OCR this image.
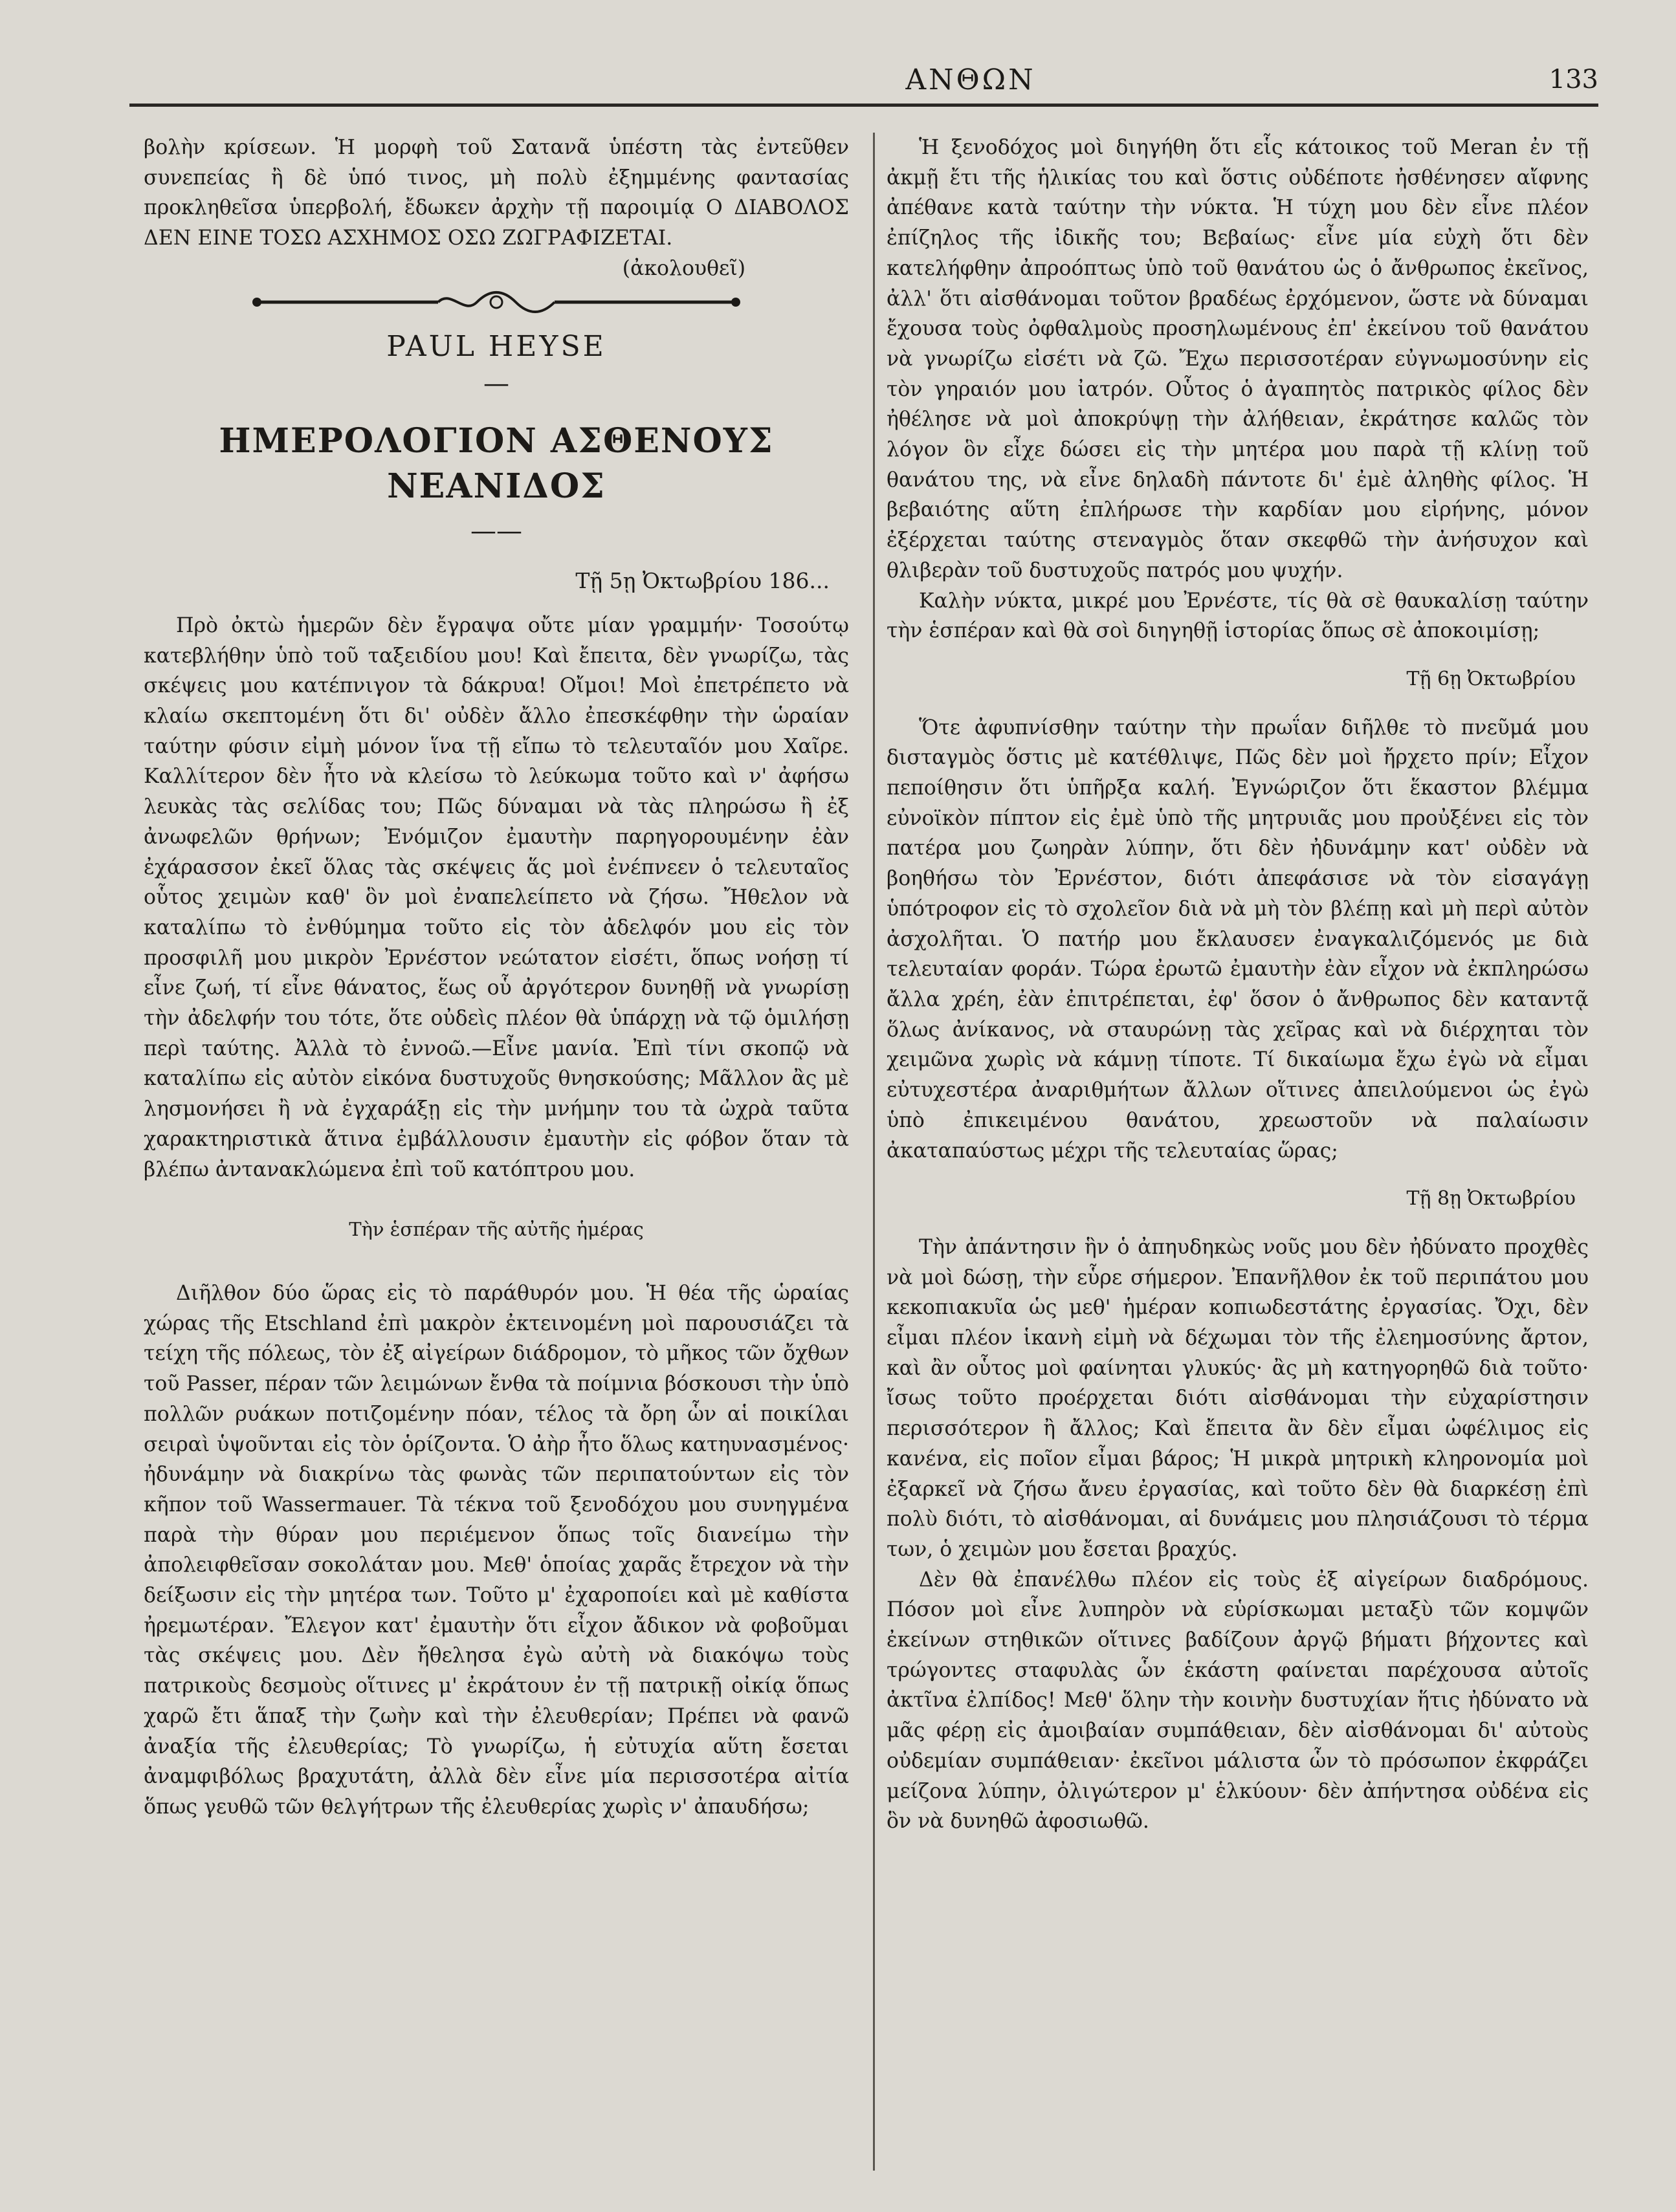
ΑΝΘΩΝ	133

βολὴν κρίσεων. Ἡ μορφὴ τοῦ Σατανᾶ ὑπέστη τὰς ἐντεῦθεν συνεπείας ἢ δὲ ὑπό τινος, μὴ πολὺ ἐξημμένης φαντασίας προκληθεῖσα ὑπερβολή, ἔδωκεν ἀρχὴν τῇ παροιμίᾳ Ο ΔΙΑΒΟΛΟΣ ΔΕΝ ΕΙΝΕ ΤΟΣΩ ΑΣΧΗΜΟΣ ΟΣΩ ΖΩΓΡΑΦΙΖΕΤΑΙ.

(ἀκολουθεῖ)

PAUL HEYSE
—
ΗΜΕΡΟΛΟΓΙΟΝ ΑΣΘΕΝΟΥΣ ΝΕΑΝΙΔΟΣ
——
Τῇ 5ῃ Ὀκτωβρίου 186...

Πρὸ ὀκτὼ ἡμερῶν δὲν ἔγραψα οὔτε μίαν γραμμήν· Τοσούτῳ κατεβλήθην ὑπὸ τοῦ ταξειδίου μου! Καὶ ἔπειτα, δὲν γνωρίζω, τὰς σκέψεις μου κατέπνιγον τὰ δάκρυα! Οἴμοι! Μοὶ ἐπετρέπετο νὰ κλαίω σκεπτομένη ὅτι δι' οὐδὲν ἄλλο ἐπεσκέφθην τὴν ὡραίαν ταύτην φύσιν εἰμὴ μόνον ἵνα τῇ εἴπω τὸ τελευταῖόν μου Χαῖρε. Καλλίτερον δὲν ἦτο νὰ κλείσω τὸ λεύκωμα τοῦτο καὶ ν' ἀφήσω λευκὰς τὰς σελίδας του; Πῶς δύναμαι νὰ τὰς πληρώσω ἢ ἐξ ἀνωφελῶν θρήνων; Ἐνόμιζον ἐμαυτὴν παρηγορουμένην ἐὰν ἐχάρασσον ἐκεῖ ὅλας τὰς σκέψεις ἅς μοὶ ἐνέπνεεν ὁ τελευταῖος οὗτος χειμὼν καθ' ὃν μοὶ ἐναπελείπετο νὰ ζήσω. Ἤθελον νὰ καταλίπω τὸ ἐνθύμημα τοῦτο εἰς τὸν ἀδελφόν μου εἰς τὸν προσφιλῆ μου μικρὸν Ἐρνέστον νεώτατον εἰσέτι, ὅπως νοήσῃ τί εἶνε ζωή, τί εἶνε θάνατος, ἕως οὗ ἀργότερον δυνηθῇ νὰ γνωρίσῃ τὴν ἀδελφήν του τότε, ὅτε οὐδεὶς πλέον θὰ ὑπάρχῃ νὰ τῷ ὁμιλήσῃ περὶ ταύτης. Ἀλλὰ τὸ ἐννοῶ.—Εἶνε μανία. Ἐπὶ τίνι σκοπῷ νὰ καταλίπω εἰς αὐτὸν εἰκόνα δυστυχοῦς θνησκούσης; Μᾶλλον ἂς μὲ λησμονήσει ἢ νὰ ἐγχαράξῃ εἰς τὴν μνήμην του τὰ ὠχρὰ ταῦτα χαρακτηριστικὰ ἅτινα ἐμβάλλουσιν ἐμαυτὴν εἰς φόβον ὅταν τὰ βλέπω ἀντανακλώμενα ἐπὶ τοῦ κατόπτρου μου.

Τὴν ἑσπέραν τῆς αὐτῆς ἡμέρας

Διῆλθον δύο ὥρας εἰς τὸ παράθυρόν μου. Ἡ θέα τῆς ὡραίας χώρας τῆς Etschland ἐπὶ μακρὸν ἐκτεινομένη μοὶ παρουσιάζει τὰ τείχη τῆς πόλεως, τὸν ἐξ αἰγείρων διάδρομον, τὸ μῆκος τῶν ὄχθων τοῦ Passer, πέραν τῶν λειμώνων ἔνθα τὰ ποίμνια βόσκουσι τὴν ὑπὸ πολλῶν ρυάκων ποτιζομένην πόαν, τέλος τὰ ὄρη ὧν αἱ ποικίλαι σειραὶ ὑψοῦνται εἰς τὸν ὁρίζοντα. Ὁ ἀὴρ ἦτο ὅλως κατηυνασμένος· ἠδυνάμην νὰ διακρίνω τὰς φωνὰς τῶν περιπατούντων εἰς τὸν κῆπον τοῦ Wassermauer. Τὰ τέκνα τοῦ ξενοδόχου μου συνηγμένα παρὰ τὴν θύραν μου περιέμενον ὅπως τοῖς διανείμω τὴν ἀπολειφθεῖσαν σοκολάταν μου. Μεθ' ὁποίας χαρᾶς ἔτρεχον νὰ τὴν δείξωσιν εἰς τὴν μητέρα των. Τοῦτο μ' ἐχαροποίει καὶ μὲ καθίστα ἠρεμωτέραν. Ἔλεγον κατ' ἐμαυτὴν ὅτι εἶχον ἄδικον νὰ φοβοῦμαι τὰς σκέψεις μου. Δὲν ἤθελησα ἐγὼ αὐτὴ νὰ διακόψω τοὺς πατρικοὺς δεσμοὺς οἵτινες μ' ἐκράτουν ἐν τῇ πατρικῇ οἰκίᾳ ὅπως χαρῶ ἔτι ἅπαξ τὴν ζωὴν καὶ τὴν ἐλευθερίαν; Πρέπει νὰ φανῶ ἀναξία τῆς ἐλευθερίας; Τὸ γνωρίζω, ἡ εὐτυχία αὕτη ἔσεται ἀναμφιβόλως βραχυτάτη, ἀλλὰ δὲν εἶνε μία περισσοτέρα αἰτία ὅπως γευθῶ τῶν θελγήτρων τῆς ἐλευθερίας χωρὶς ν' ἀπαυδήσω;

Ἡ ξενοδόχος μοὶ διηγήθη ὅτι εἷς κάτοικος τοῦ Meran ἐν τῇ ἀκμῇ ἔτι τῆς ἡλικίας του καὶ ὅστις οὐδέποτε ἠσθένησεν αἴφνης ἀπέθανε κατὰ ταύτην τὴν νύκτα. Ἡ τύχη μου δὲν εἶνε πλέον ἐπίζηλος τῆς ἰδικῆς του; Βεβαίως· εἶνε μία εὐχὴ ὅτι δὲν κατελήφθην ἀπροόπτως ὑπὸ τοῦ θανάτου ὡς ὁ ἄνθρωπος ἐκεῖνος, ἀλλ' ὅτι αἰσθάνομαι τοῦτον βραδέως ἐρχόμενον, ὥστε νὰ δύναμαι ἔχουσα τοὺς ὀφθαλμοὺς προσηλωμένους ἐπ' ἐκείνου τοῦ θανάτου νὰ γνωρίζω εἰσέτι νὰ ζῶ. Ἔχω περισσοτέραν εὐγνωμοσύνην εἰς τὸν γηραιόν μου ἰατρόν. Οὗτος ὁ ἀγαπητὸς πατρικὸς φίλος δὲν ἠθέλησε νὰ μοὶ ἀποκρύψῃ τὴν ἀλήθειαν, ἐκράτησε καλῶς τὸν λόγον ὃν εἶχε δώσει εἰς τὴν μητέρα μου παρὰ τῇ κλίνῃ τοῦ θανάτου της, νὰ εἶνε δηλαδὴ πάντοτε δι' ἐμὲ ἀληθὴς φίλος. Ἡ βεβαιότης αὕτη ἐπλήρωσε τὴν καρδίαν μου εἰρήνης, μόνον ἐξέρχεται ταύτης στεναγμὸς ὅταν σκεφθῶ τὴν ἀνήσυχον καὶ θλιβερὰν τοῦ δυστυχοῦς πατρός μου ψυχήν.

Καλὴν νύκτα, μικρέ μου Ἐρνέστε, τίς θὰ σὲ θαυκαλίσῃ ταύτην τὴν ἑσπέραν καὶ θὰ σοὶ διηγηθῇ ἱστορίας ὅπως σὲ ἀποκοιμίσῃ;

Τῇ 6ῃ Ὀκτωβρίου

Ὅτε ἀφυπνίσθην ταύτην τὴν πρωΐαν διῆλθε τὸ πνεῦμά μου δισταγμὸς ὅστις μὲ κατέθλιψε, Πῶς δὲν μοὶ ἤρχετο πρίν; Εἶχον πεποίθησιν ὅτι ὑπῆρξα καλή. Ἐγνώριζον ὅτι ἕκαστον βλέμμα εὐνοϊκὸν πίπτον εἰς ἐμὲ ὑπὸ τῆς μητρυιᾶς μου προὐξένει εἰς τὸν πατέρα μου ζωηρὰν λύπην, ὅτι δὲν ἠδυνάμην κατ' οὐδὲν νὰ βοηθήσω τὸν Ἐρνέστον, διότι ἀπεφάσισε νὰ τὸν εἰσαγάγῃ ὑπότροφον εἰς τὸ σχολεῖον διὰ νὰ μὴ τὸν βλέπῃ καὶ μὴ περὶ αὐτὸν ἀσχολῆται. Ὁ πατήρ μου ἔκλαυσεν ἐναγκαλιζόμενός με διὰ τελευταίαν φοράν. Τώρα ἐρωτῶ ἐμαυτὴν ἐὰν εἶχον νὰ ἐκπληρώσω ἄλλα χρέη, ἐὰν ἐπιτρέπεται, ἐφ' ὅσον ὁ ἄνθρωπος δὲν καταντᾷ ὅλως ἀνίκανος, νὰ σταυρώνῃ τὰς χεῖρας καὶ νὰ διέρχηται τὸν χειμῶνα χωρὶς νὰ κάμνῃ τίποτε. Τί δικαίωμα ἔχω ἐγὼ νὰ εἶμαι εὐτυχεστέρα ἀναριθμήτων ἄλλων οἵτινες ἀπειλούμενοι ὡς ἐγὼ ὑπὸ ἐπικειμένου θανάτου, χρεωστοῦν νὰ παλαίωσιν ἀκαταπαύστως μέχρι τῆς τελευταίας ὥρας;

Τῇ 8ῃ Ὀκτωβρίου

Τὴν ἀπάντησιν ἣν ὁ ἀπηυδηκὼς νοῦς μου δὲν ἠδύνατο προχθὲς νὰ μοὶ δώσῃ, τὴν εὗρε σήμερον. Ἐπανῆλθον ἐκ τοῦ περιπάτου μου κεκοπιακυῖα ὡς μεθ' ἡμέραν κοπιωδεστάτης ἐργασίας. Ὄχι, δὲν εἶμαι πλέον ἱκανὴ εἰμὴ νὰ δέχωμαι τὸν τῆς ἐλεημοσύνης ἄρτον, καὶ ἂν οὗτος μοὶ φαίνηται γλυκύς· ἂς μὴ κατηγορηθῶ διὰ τοῦτο· ἴσως τοῦτο προέρχεται διότι αἰσθάνομαι τὴν εὐχαρίστησιν περισσότερον ἢ ἄλλος; Καὶ ἔπειτα ἂν δὲν εἶμαι ὠφέλιμος εἰς κανένα, εἰς ποῖον εἶμαι βάρος; Ἡ μικρὰ μητρικὴ κληρονομία μοὶ ἐξαρκεῖ νὰ ζήσω ἄνευ ἐργασίας, καὶ τοῦτο δὲν θὰ διαρκέσῃ ἐπὶ πολὺ διότι, τὸ αἰσθάνομαι, αἱ δυνάμεις μου πλησιάζουσι τὸ τέρμα των, ὁ χειμὼν μου ἔσεται βραχύς.

Δὲν θὰ ἐπανέλθω πλέον εἰς τοὺς ἐξ αἰγείρων διαδρόμους. Πόσον μοὶ εἶνε λυπηρὸν νὰ εὑρίσκωμαι μεταξὺ τῶν κομψῶν ἐκείνων στηθικῶν οἵτινες βαδίζουν ἀργῷ βήματι βήχοντες καὶ τρώγοντες σταφυλὰς ὧν ἑκάστη φαίνεται παρέχουσα αὐτοῖς ἀκτῖνα ἐλπίδος! Μεθ' ὅλην τὴν κοινὴν δυστυχίαν ἥτις ἠδύνατο νὰ μᾶς φέρῃ εἰς ἀμοιβαίαν συμπάθειαν, δὲν αἰσθάνομαι δι' αὐτοὺς οὐδεμίαν συμπάθειαν· ἐκεῖνοι μάλιστα ὧν τὸ πρόσωπον ἐκφράζει μείζονα λύπην, ὀλιγώτερον μ' ἑλκύουν· δὲν ἀπήντησα οὐδένα εἰς ὃν νὰ δυνηθῶ ἀφοσιωθῶ.
